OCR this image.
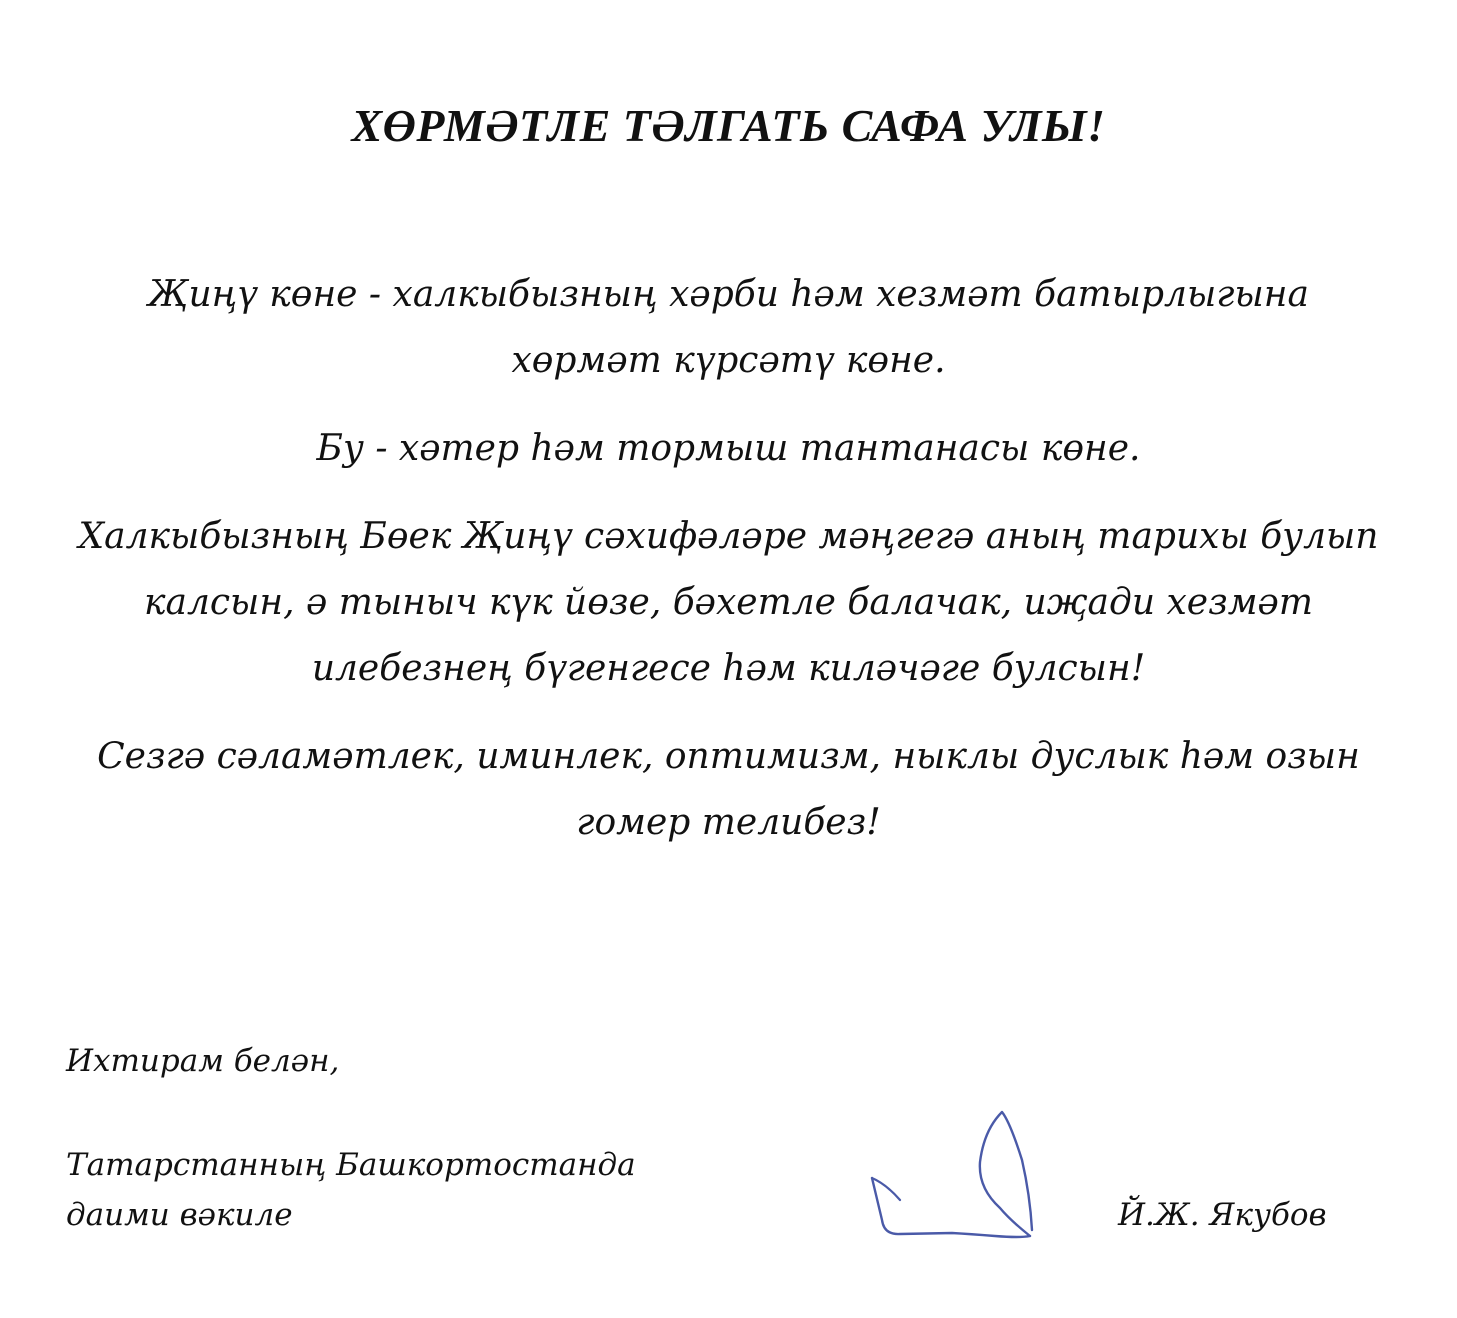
ХӨРМӘТЛЕ ТӘЛГАТЬ САФА УЛЫ!

Җиңү көне - халкыбызның хәрби һәм хезмәт батырлыгына
хөрмәт күрсәтү көне.

Бу - хәтер һәм тормыш тантанасы көне.

Халкыбызның Бөек Җиңү сәхифәләре мәңгегә аның тарихы булып
калсын, ә тыныч күк йөзе, бәхетле балачак, иҗади хезмәт
илебезнең бүгенгесе һәм киләчәге булсын!

Сезгә сәламәтлек, иминлек, оптимизм, ныклы дуслык һәм озын
гомер телибез!

Ихтирам белән,
Татарстанның Башкортостанда
даими вәкиле	Й.Ж. Якубов
